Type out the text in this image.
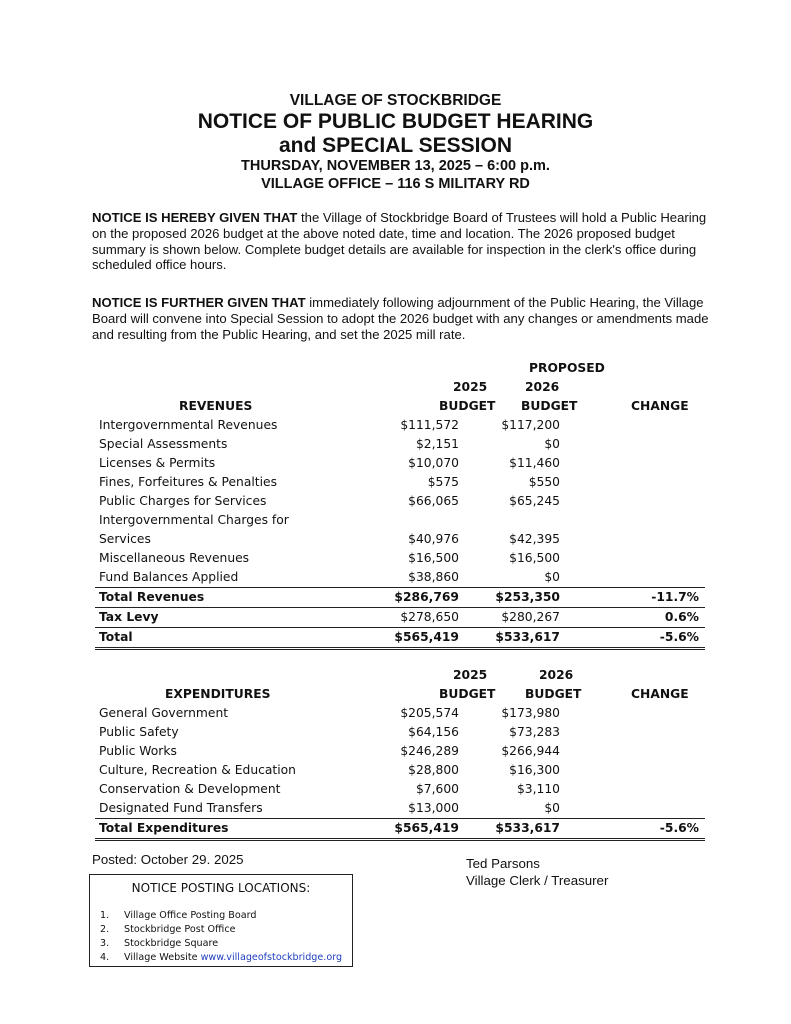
VILLAGE OF STOCKBRIDGE
NOTICE OF PUBLIC BUDGET HEARING
and SPECIAL SESSION
THURSDAY, NOVEMBER 13, 2025 – 6:00 p.m.
VILLAGE OFFICE – 116 S MILITARY RD
NOTICE IS HEREBY GIVEN THAT the Village of Stockbridge Board of Trustees will hold a Public Hearing on the proposed 2026 budget at the above noted date, time and location. The 2026 proposed budget summary is shown below. Complete budget details are available for inspection in the clerk's office during scheduled office hours.
NOTICE IS FURTHER GIVEN THAT immediately following adjournment of the Public Hearing, the Village Board will convene into Special Session to adopt the 2026 budget with any changes or amendments made and resulting from the Public Hearing, and set the 2025 mill rate.
PROPOSED
2025	2026
REVENUES	BUDGET BUDGET	CHANGE
Intergovernmental Revenues	$111,572	$117,200
Special Assessments	$2,151	$0
Licenses & Permits	$10,070	$11,460
Fines, Forfeitures & Penalties	$575	$550
Public Charges for Services	$66,065	$65,245
Intergovernmental Charges for
Services	$40,976	$42,395
Miscellaneous Revenues	$16,500	$16,500
Fund Balances Applied	$38,860	$0
Total Revenues	$286,769	$253,350	-11.7%
Tax Levy	$278,650	$280,267	0.6%
Total	$565,419	$533,617	-5.6%
2025	2026
EXPENDITURES	BUDGET BUDGET	CHANGE
General Government	$205,574	$173,980
Public Safety	$64,156	$73,283
Public Works	$246,289	$266,944
Culture, Recreation & Education	$28,800	$16,300
Conservation & Development	$7,600	$3,110
Designated Fund Transfers	$13,000	$0
Total Expenditures	$565,419	$533,617	-5.6%
Posted: October 29. 2025	Ted Parsons
Village Clerk / Treasurer
NOTICE POSTING LOCATIONS:
1. Village Office Posting Board
2. Stockbridge Post Office
3. Stockbridge Square
4. Village Website www.villageofstockbridge.org
